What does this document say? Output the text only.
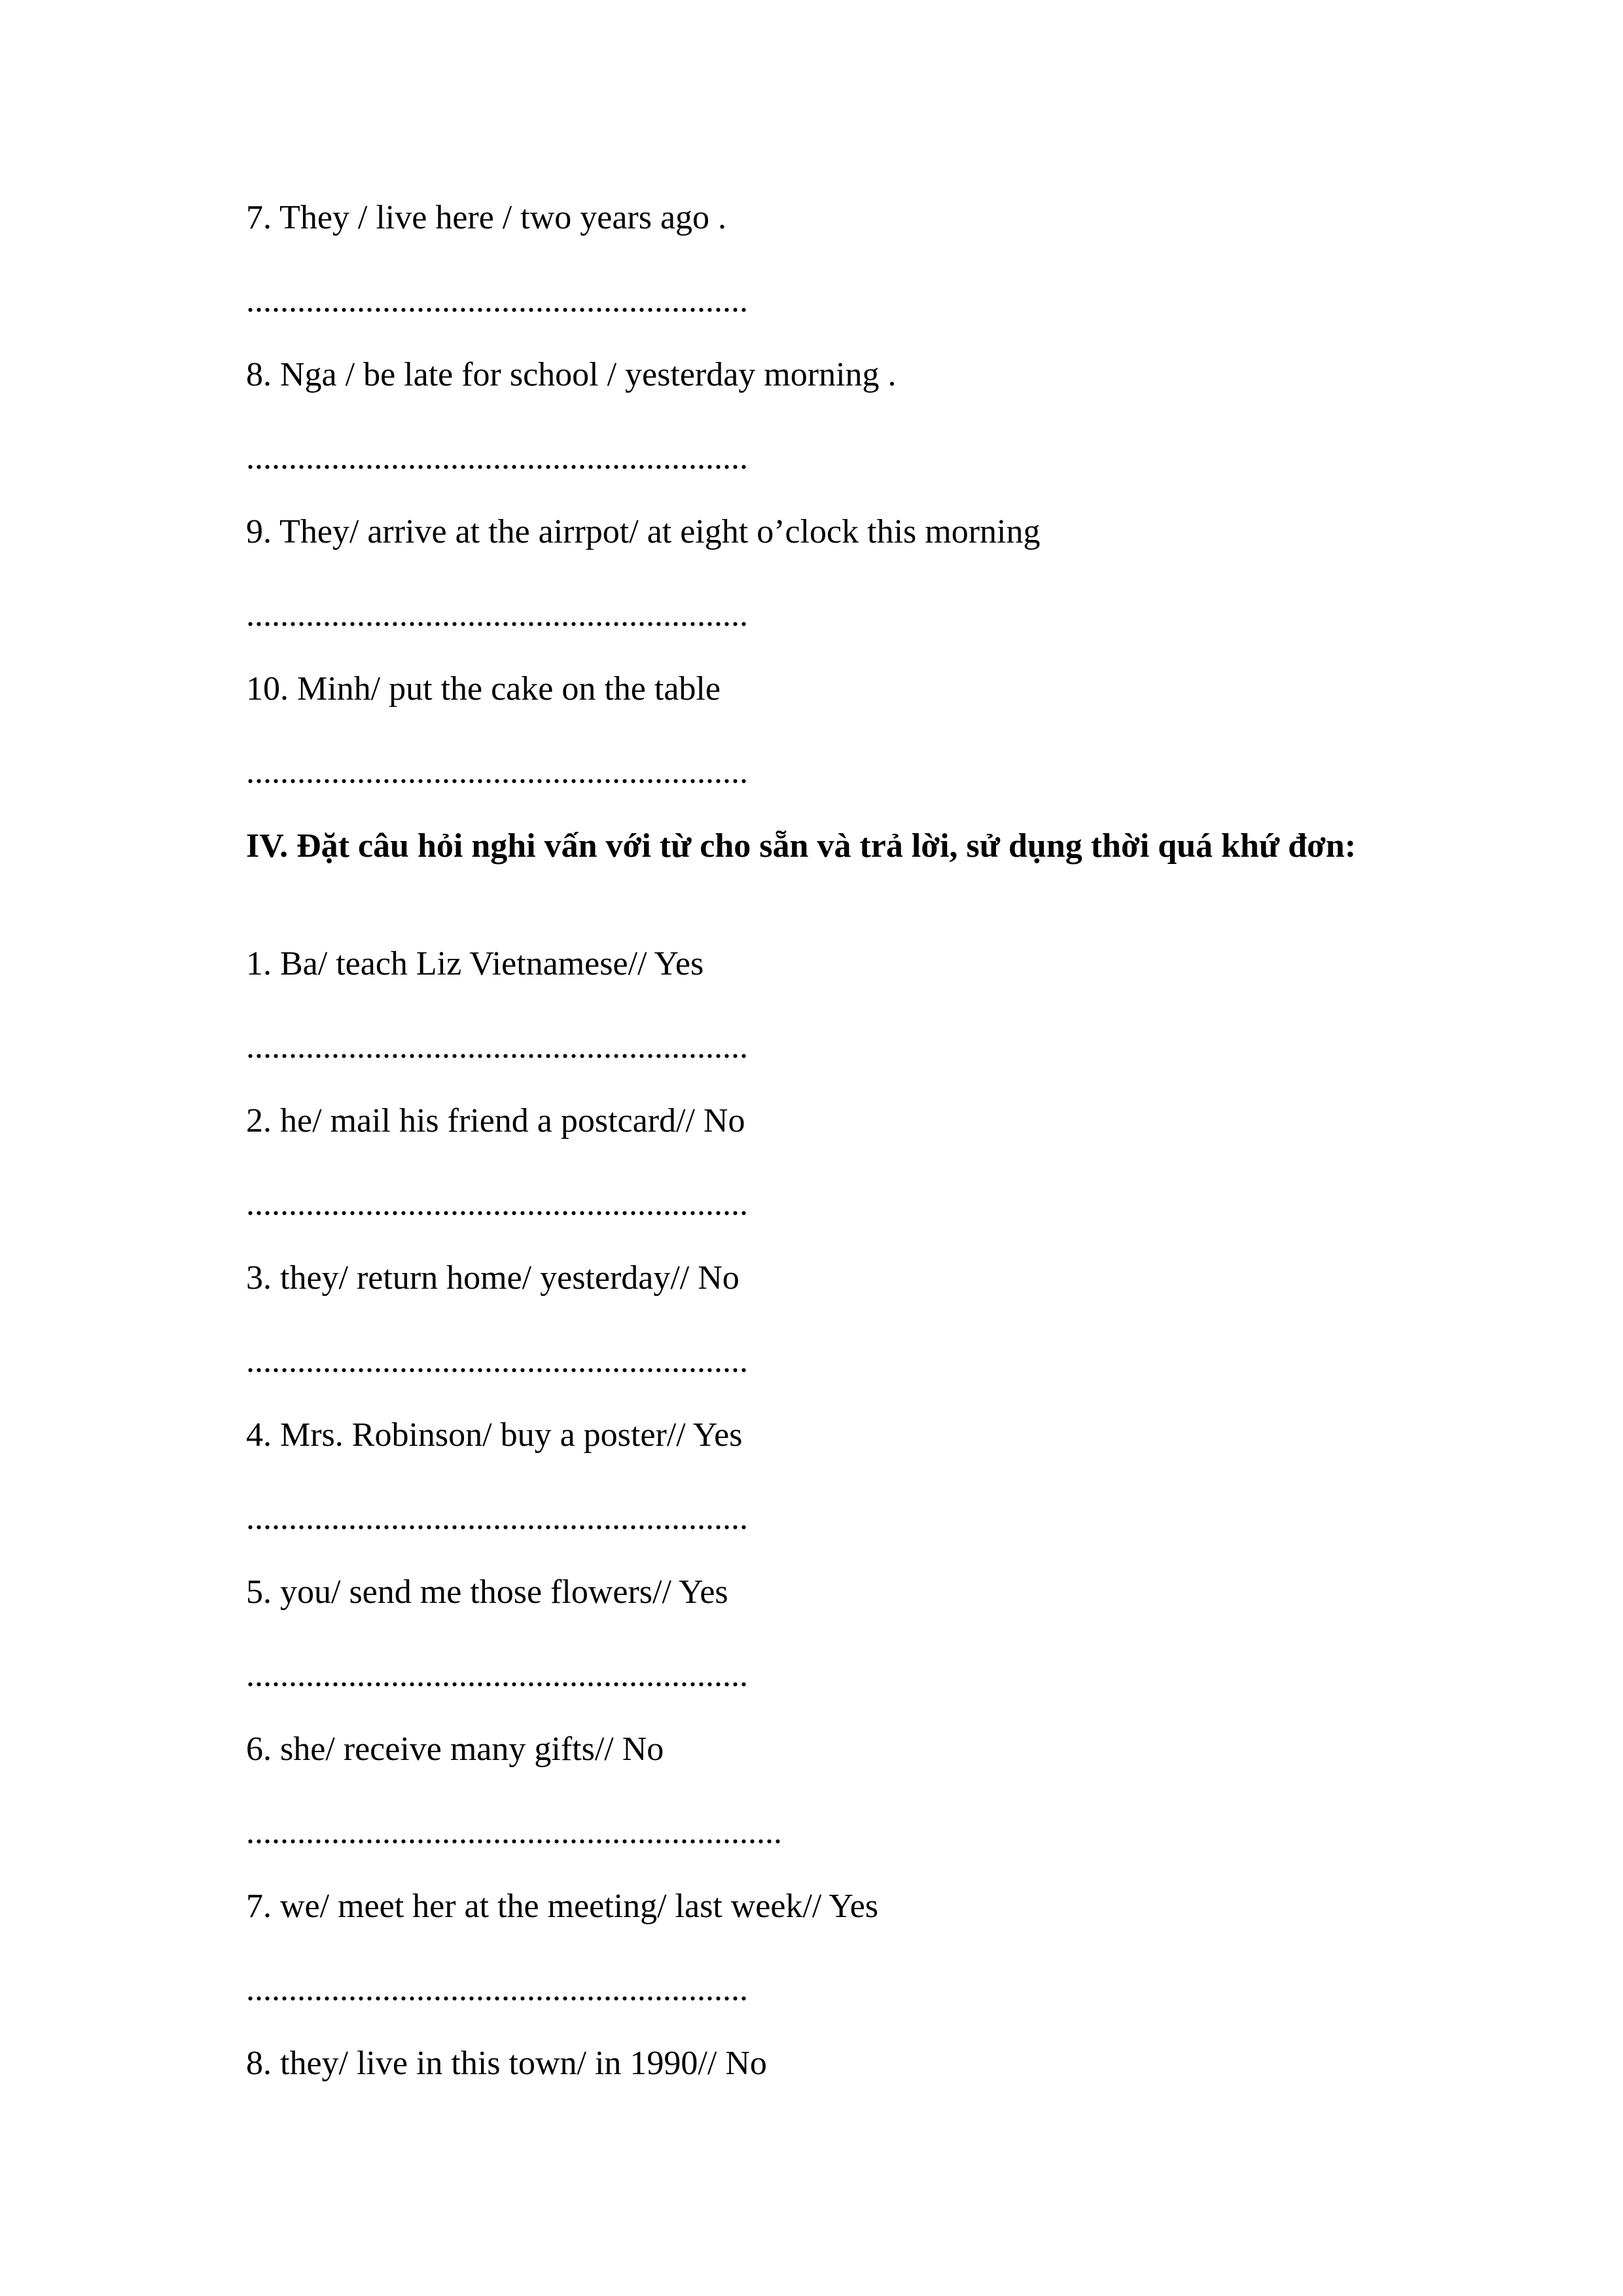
7. They / live here / two years ago .
...........................................................
8. Nga / be late for school / yesterday morning .
...........................................................
9. They/ arrive at the airrpot/ at eight o’clock this morning
...........................................................
10. Minh/ put the cake on the table
...........................................................
IV. Đặt câu hỏi nghi vấn với từ cho sẵn và trả lời, sử dụng thời quá khứ đơn:
1. Ba/ teach Liz Vietnamese// Yes
...........................................................
2. he/ mail his friend a postcard// No
...........................................................
3. they/ return home/ yesterday// No
...........................................................
4. Mrs. Robinson/ buy a poster// Yes
...........................................................
5. you/ send me those flowers// Yes
...........................................................
6. she/ receive many gifts// No
...............................................................
7. we/ meet her at the meeting/ last week// Yes
...........................................................
8. they/ live in this town/ in 1990// No
